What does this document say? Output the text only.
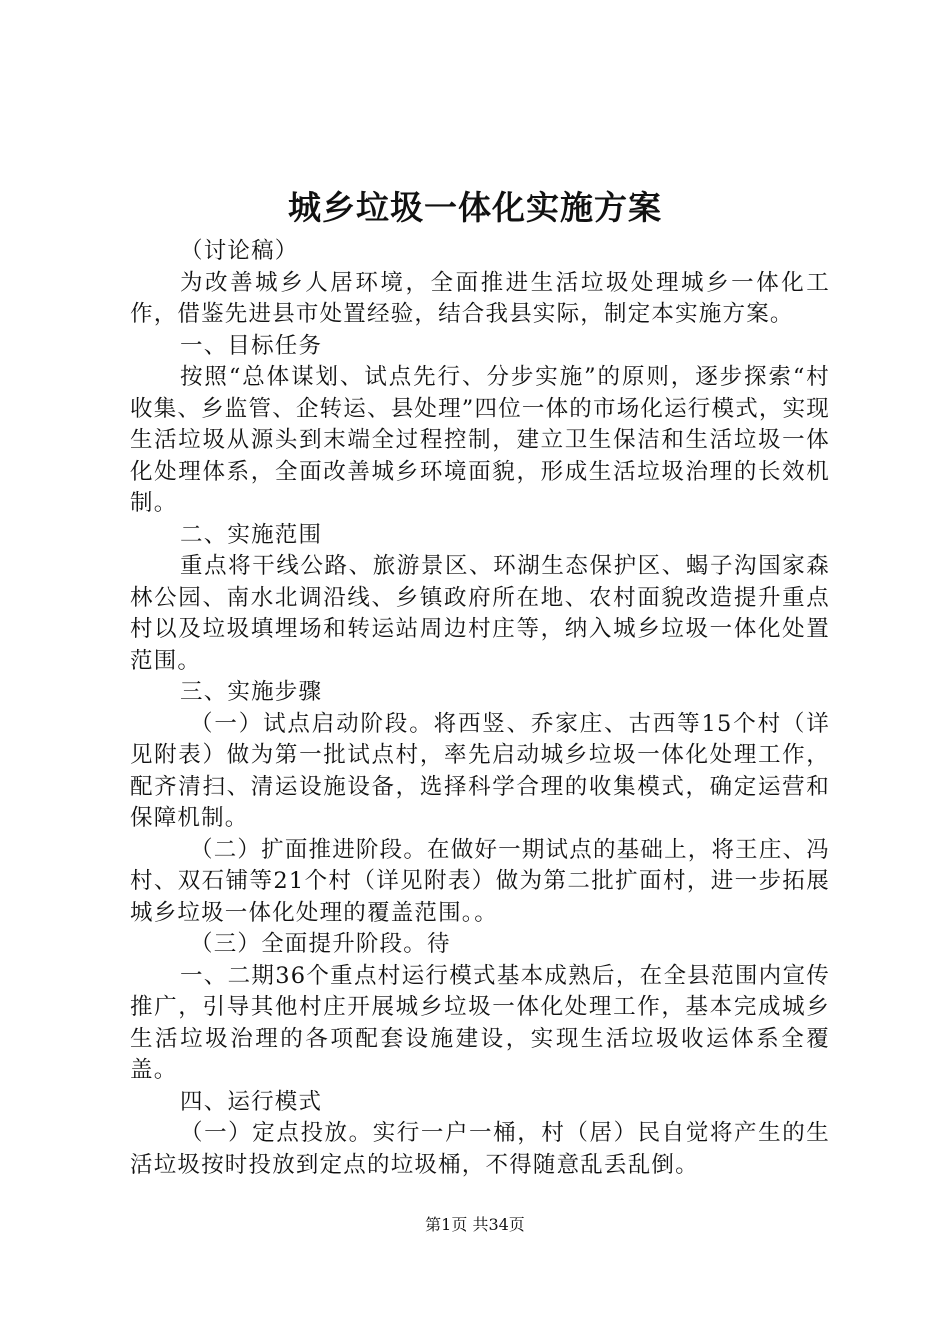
城乡垃圾一体化实施方案

（讨论稿）

为改善城乡人居环境，全面推进生活垃圾处理城乡一体化工作，借鉴先进县市处置经验，结合我县实际，制定本实施方案。

一、目标任务

按照“总体谋划、试点先行、分步实施”的原则，逐步探索“村收集、乡监管、企转运、县处理”四位一体的市场化运行模式，实现生活垃圾从源头到末端全过程控制，建立卫生保洁和生活垃圾一体化处理体系，全面改善城乡环境面貌，形成生活垃圾治理的长效机制。

二、实施范围

重点将干线公路、旅游景区、环湖生态保护区、蝎子沟国家森林公园、南水北调沿线、乡镇政府所在地、农村面貌改造提升重点村以及垃圾填埋场和转运站周边村庄等，纳入城乡垃圾一体化处置范围。

三、实施步骤

（一）试点启动阶段。将西竖、乔家庄、古西等15个村（详见附表）做为第一批试点村，率先启动城乡垃圾一体化处理工作，配齐清扫、清运设施设备，选择科学合理的收集模式，确定运营和保障机制。

（二）扩面推进阶段。在做好一期试点的基础上，将王庄、冯村、双石铺等21个村（详见附表）做为第二批扩面村，进一步拓展城乡垃圾一体化处理的覆盖范围。。

（三）全面提升阶段。待

一、二期36个重点村运行模式基本成熟后，在全县范围内宣传推广，引导其他村庄开展城乡垃圾一体化处理工作，基本完成城乡生活垃圾治理的各项配套设施建设，实现生活垃圾收运体系全覆盖。

四、运行模式

（一）定点投放。实行一户一桶，村（居）民自觉将产生的生活垃圾按时投放到定点的垃圾桶，不得随意乱丢乱倒。

第1页 共34页
